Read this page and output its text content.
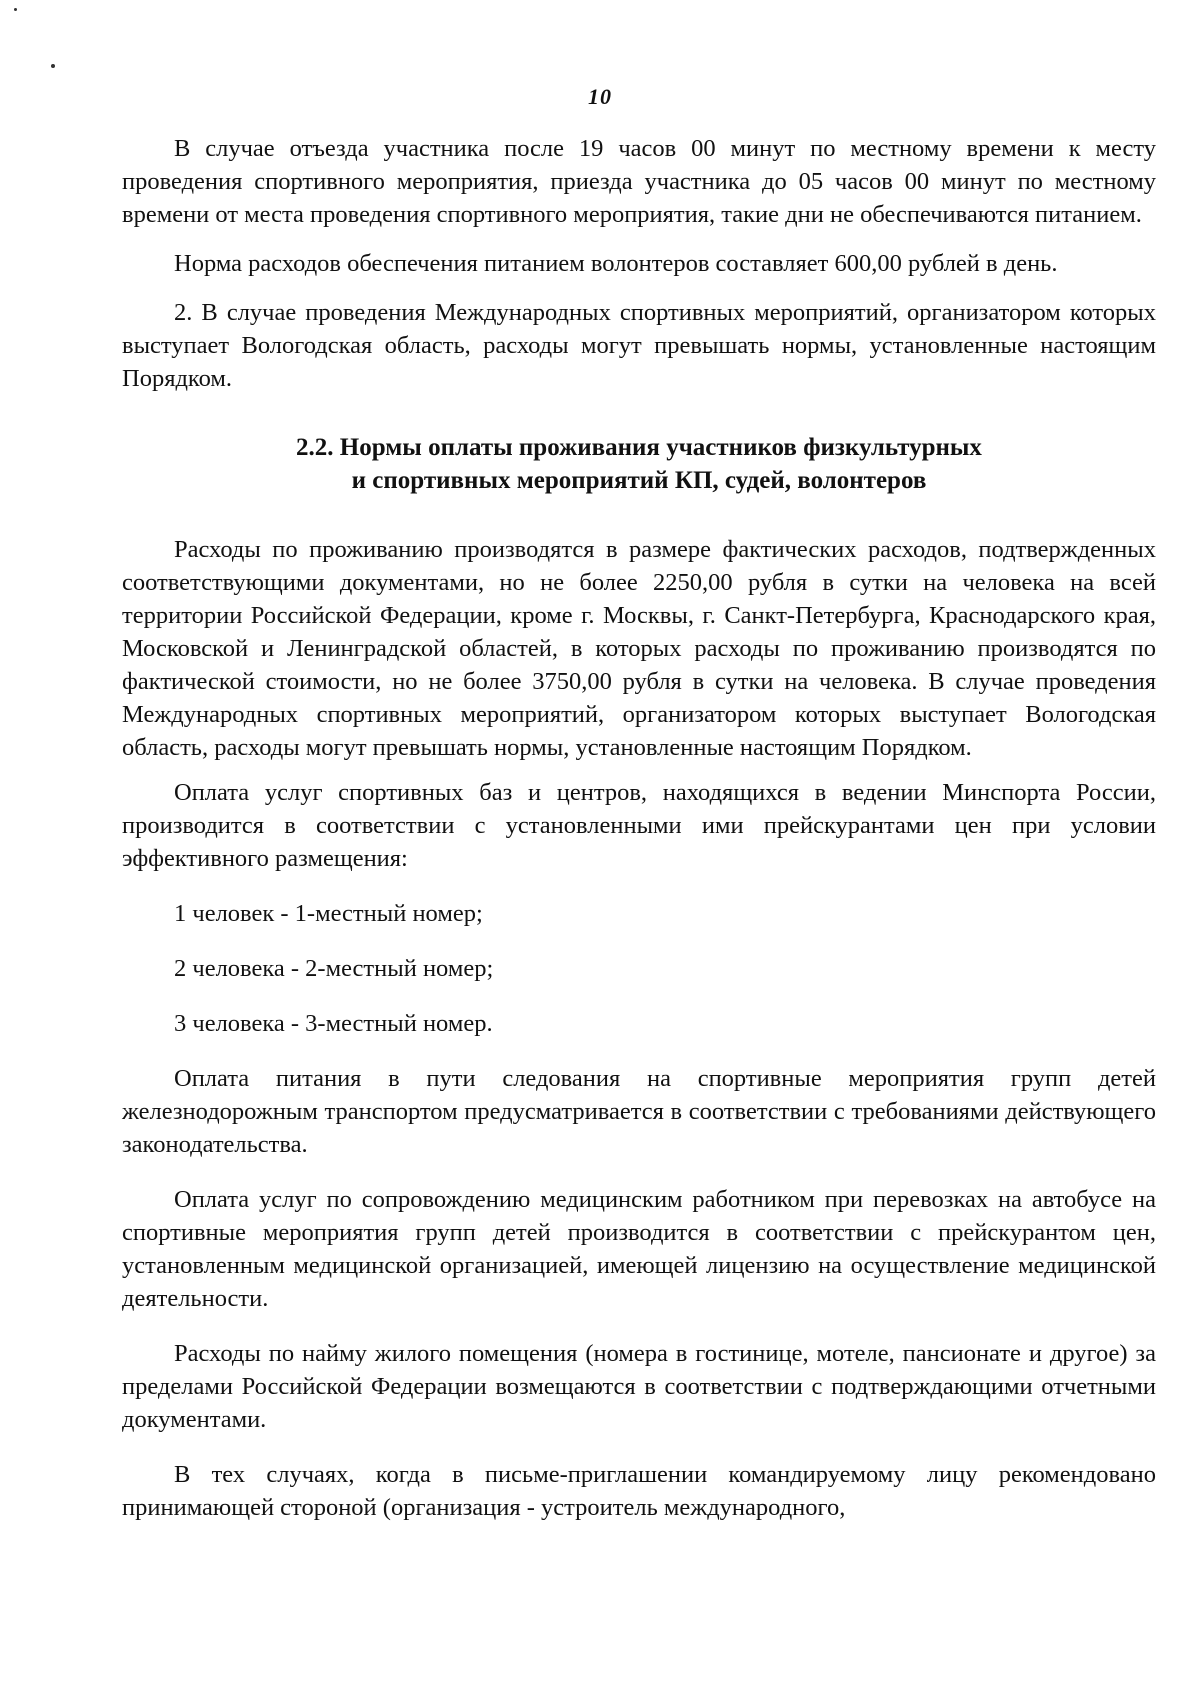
10

В случае отъезда участника после 19 часов 00 минут по местному времени к месту проведения спортивного мероприятия, приезда участника до 05 часов 00 минут по местному времени от места проведения спортивного мероприятия, такие дни не обеспечиваются питанием.

Норма расходов обеспечения питанием волонтеров составляет 600,00 рублей в день.

2. В случае проведения Международных спортивных мероприятий, организатором которых выступает Вологодская область, расходы могут превышать нормы, установленные настоящим Порядком.

2.2. Нормы оплаты проживания участников физкультурных
и спортивных мероприятий КП, судей, волонтеров

Расходы по проживанию производятся в размере фактических расходов, подтвержденных соответствующими документами, но не более 2250,00 рубля в сутки на человека на всей территории Российской Федерации, кроме г. Москвы, г. Санкт-Петербурга, Краснодарского края, Московской и Ленинградской областей, в которых расходы по проживанию производятся по фактической стоимости, но не более 3750,00 рубля в сутки на человека. В случае проведения Международных спортивных мероприятий, организатором которых выступает Вологодская область, расходы могут превышать нормы, установленные настоящим Порядком.

Оплата услуг спортивных баз и центров, находящихся в ведении Минспорта России, производится в соответствии с установленными ими прейскурантами цен при условии эффективного размещения:

1 человек - 1-местный номер;

2 человека - 2-местный номер;

3 человека - 3-местный номер.

Оплата питания в пути следования на спортивные мероприятия групп детей железнодорожным транспортом предусматривается в соответствии с требованиями действующего законодательства.

Оплата услуг по сопровождению медицинским работником при перевозках на автобусе на спортивные мероприятия групп детей производится в соответствии с прейскурантом цен, установленным медицинской организацией, имеющей лицензию на осуществление медицинской деятельности.

Расходы по найму жилого помещения (номера в гостинице, мотеле, пансионате и другое) за пределами Российской Федерации возмещаются в соответствии с подтверждающими отчетными документами.

В тех случаях, когда в письме-приглашении командируемому лицу рекомендовано принимающей стороной (организация - устроитель международного,
